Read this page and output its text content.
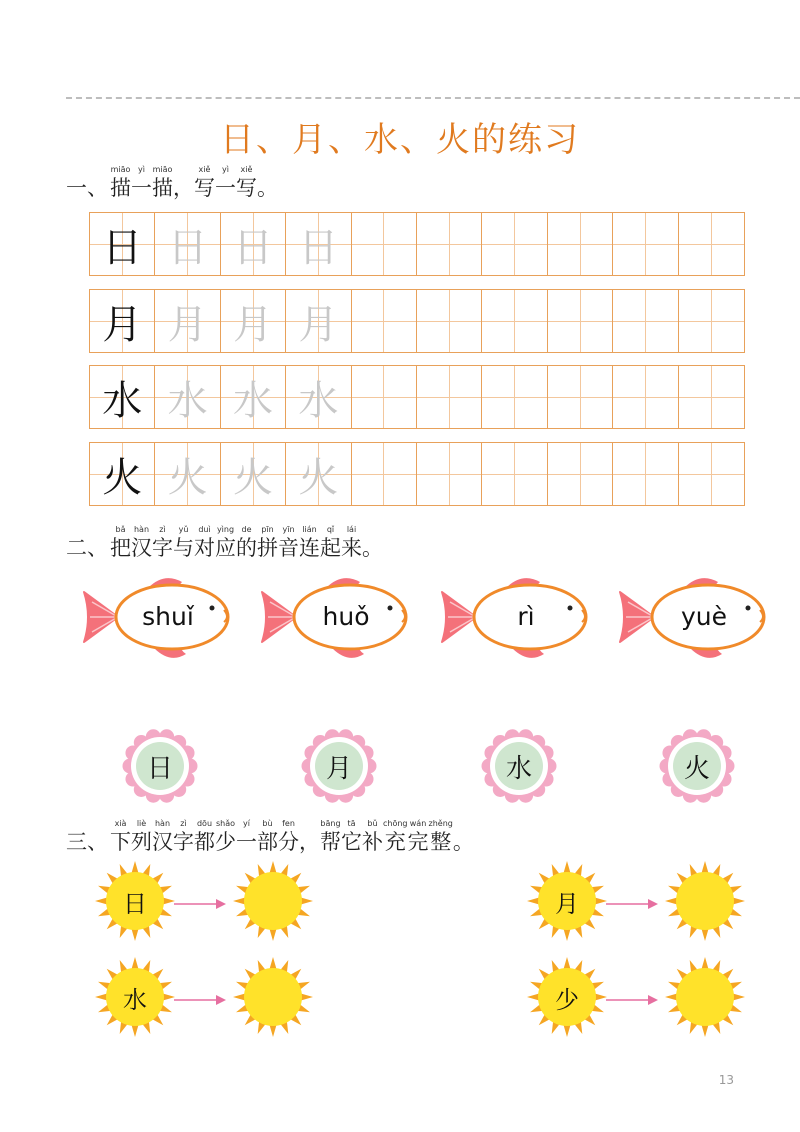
日、月、水、火的练习
一、
miāo
描
yì
一
miāo
描 ，
xiě
写
yì
一
xiě
写 。
日 日 日 日
月 月 月 月
水 水 水 水
火 火 火 火
二、
bǎ
把
hàn
汉
zì
字
yǔ
与
duì
对
yìng
应
de
的
pīn
拼
yīn
音
lián
连
qǐ
起
lái
来 。
shuǐ	huǒ	rì	yuè
日	月	水	火
三、
xià
下
liè
列
hàn
汉
zì
字
dōu
都
shǎo
少
yí
一
bù
部
fen
分 ，
bāng
帮
tā
它
bǔ
补
chōng
充
wán
完
zhěng
整 。
日	月
水	少
13
